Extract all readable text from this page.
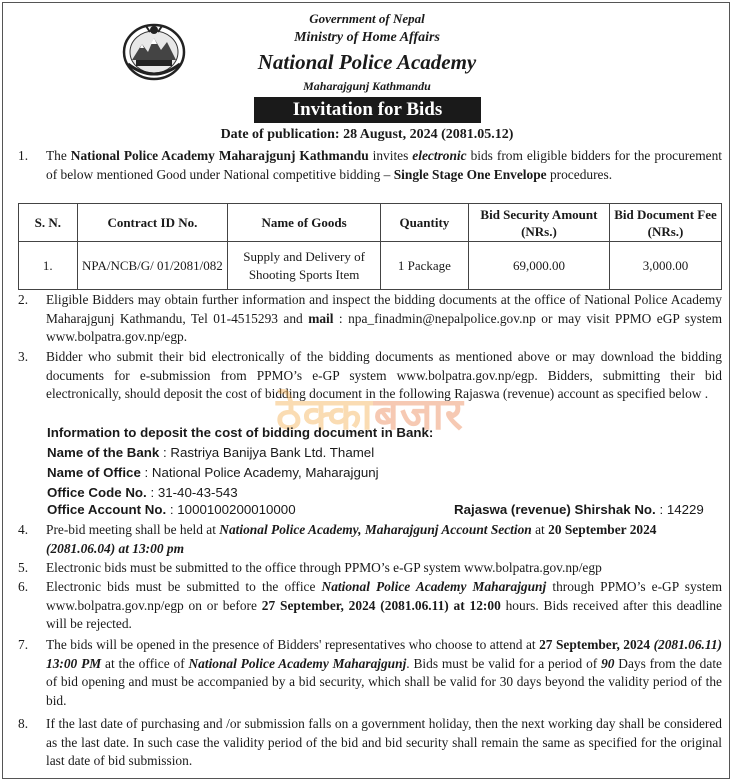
Government of Nepal
Ministry of Home Affairs
National Police Academy
Maharajgunj Kathmandu
Invitation for Bids
Date of publication: 28 August, 2024 (2081.05.12)
1. The National Police Academy Maharajgunj Kathmandu invites electronic bids from eligible bidders for the procurement of below mentioned Good under National competitive bidding – Single Stage One Envelope procedures.
S. N.	Contract ID No.	Name of Goods	Quantity	Bid Security Amount (NRs.)	Bid Document Fee (NRs.)
1.	NPA/NCB/G/ 01/2081/082	Supply and Delivery of Shooting Sports Item	1 Package	69,000.00	3,000.00
2. Eligible Bidders may obtain further information and inspect the bidding documents at the office of National Police Academy Maharajgunj Kathmandu, Tel 01-4515293 and mail : npa_finadmin@nepalpolice.gov.np or may visit PPMO eGP system www.bolpatra.gov.np/egp.
3. Bidder who submit their bid electronically of the bidding documents as mentioned above or may download the bidding documents for e-submission from PPMO’s e-GP system www.bolpatra.gov.np/egp. Bidders, submitting their bid electronically, should deposit the cost of bidding document in the following Rajaswa (revenue) account as specified below .
ठेक्काबजार
Information to deposit the cost of bidding document in Bank:
Name of the Bank : Rastriya Banijya Bank Ltd. Thamel
Name of Office : National Police Academy, Maharajgunj
Office Code No. : 31-40-43-543
Office Account No. : 1000100200010000	Rajaswa (revenue) Shirshak No. : 14229
4. Pre-bid meeting shall be held at National Police Academy, Maharajgunj Account Section at 20 September 2024
(2081.06.04) at 13:00 pm
5. Electronic bids must be submitted to the office through PPMO’s e-GP system www.bolpatra.gov.np/egp
6. Electronic bids must be submitted to the office National Police Academy Maharajgunj through PPMO’s e-GP system www.bolpatra.gov.np/egp on or before 27 September, 2024 (2081.06.11) at 12:00 hours. Bids received after this deadline will be rejected.
7. The bids will be opened in the presence of Bidders' representatives who choose to attend at 27 September, 2024 (2081.06.11) 13:00 PM at the office of National Police Academy Maharajgunj. Bids must be valid for a period of 90 Days from the date of bid opening and must be accompanied by a bid security, which shall be valid for 30 days beyond the validity period of the bid.
8. If the last date of purchasing and /or submission falls on a government holiday, then the next working day shall be considered as the last date. In such case the validity period of the bid and bid security shall remain the same as specified for the original last date of bid submission.
